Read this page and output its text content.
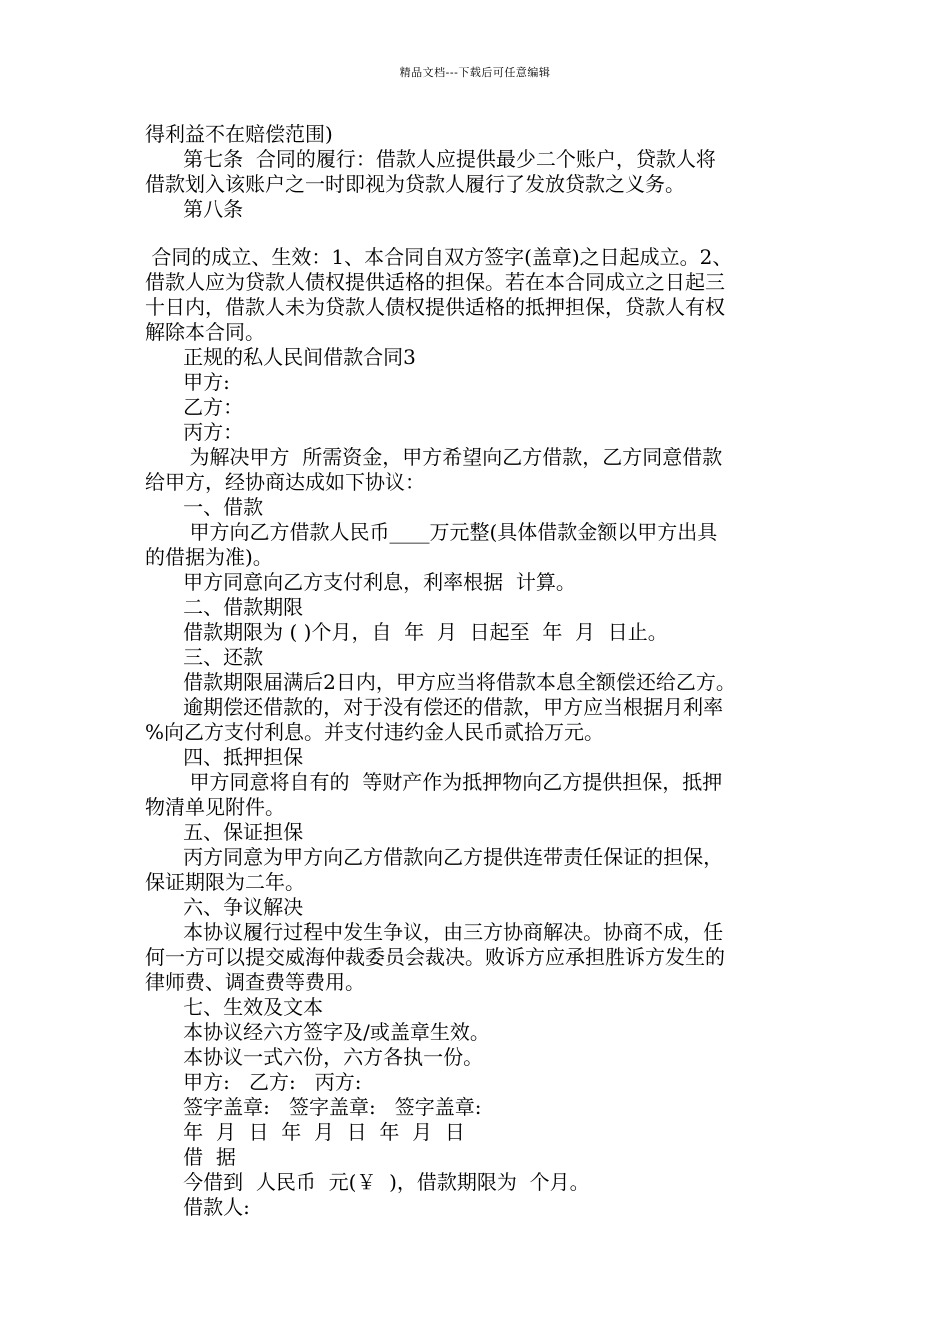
精品文档---下载后可任意编辑
得利益不在赔偿范围)
第七条  合同的履行：借款人应提供最少二个账户，贷款人将
借款划入该账户之一时即视为贷款人履行了发放贷款之义务。
第八条
合同的成立、生效：1、本合同自双方签字(盖章)之日起成立。2、
借款人应为贷款人债权提供适格的担保。若在本合同成立之日起三
十日内，借款人未为贷款人债权提供适格的抵押担保，贷款人有权
解除本合同。
正规的私人民间借款合同3
甲方:
乙方：
丙方：
为解决甲方  所需资金，甲方希望向乙方借款，乙方同意借款
给甲方，经协商达成如下协议：
一、借款
甲方向乙方借款人民币____万元整(具体借款金额以甲方出具
的借据为准)。
甲方同意向乙方支付利息，利率根据  计算。
二、借款期限
借款期限为 ( )个月，自  年  月  日起至  年  月  日止。
三、还款
借款期限届满后2日内，甲方应当将借款本息全额偿还给乙方。
逾期偿还借款的，对于没有偿还的借款，甲方应当根据月利率
%向乙方支付利息。并支付违约金人民币贰拾万元。
四、抵押担保
甲方同意将自有的  等财产作为抵押物向乙方提供担保，抵押
物清单见附件。
五、保证担保
丙方同意为甲方向乙方借款向乙方提供连带责任保证的担保，
保证期限为二年。
六、争议解决
本协议履行过程中发生争议，由三方协商解决。协商不成，任
何一方可以提交威海仲裁委员会裁决。败诉方应承担胜诉方发生的
律师费、调查费等费用。
七、生效及文本
本协议经六方签字及/或盖章生效。
本协议一式六份，六方各执一份。
甲方:   乙方:   丙方:
签字盖章:   签字盖章:   签字盖章:
年  月  日  年  月  日  年  月  日
借  据
今借到  人民币  元(￥  )，借款期限为  个月。
借款人:
